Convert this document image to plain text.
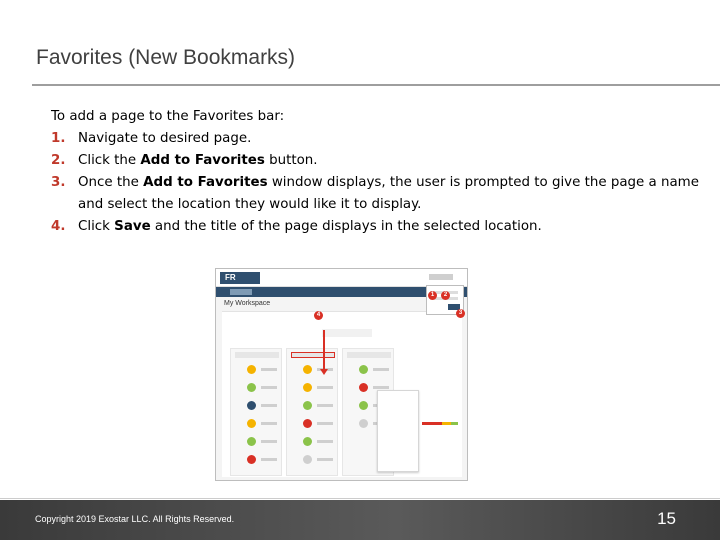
Favorites (New Bookmarks)
To add a page to the Favorites bar:
1. Navigate to desired page.
2. Click the Add to Favorites button.
3. Once the Add to Favorites window displays, the user is prompted to give the page a name and select the location they would like it to display.
4. Click Save and the title of the page displays in the selected location.
FR
My Workspace
1	2
3
4
Copyright 2019 Exostar LLC. All Rights Reserved.	15
